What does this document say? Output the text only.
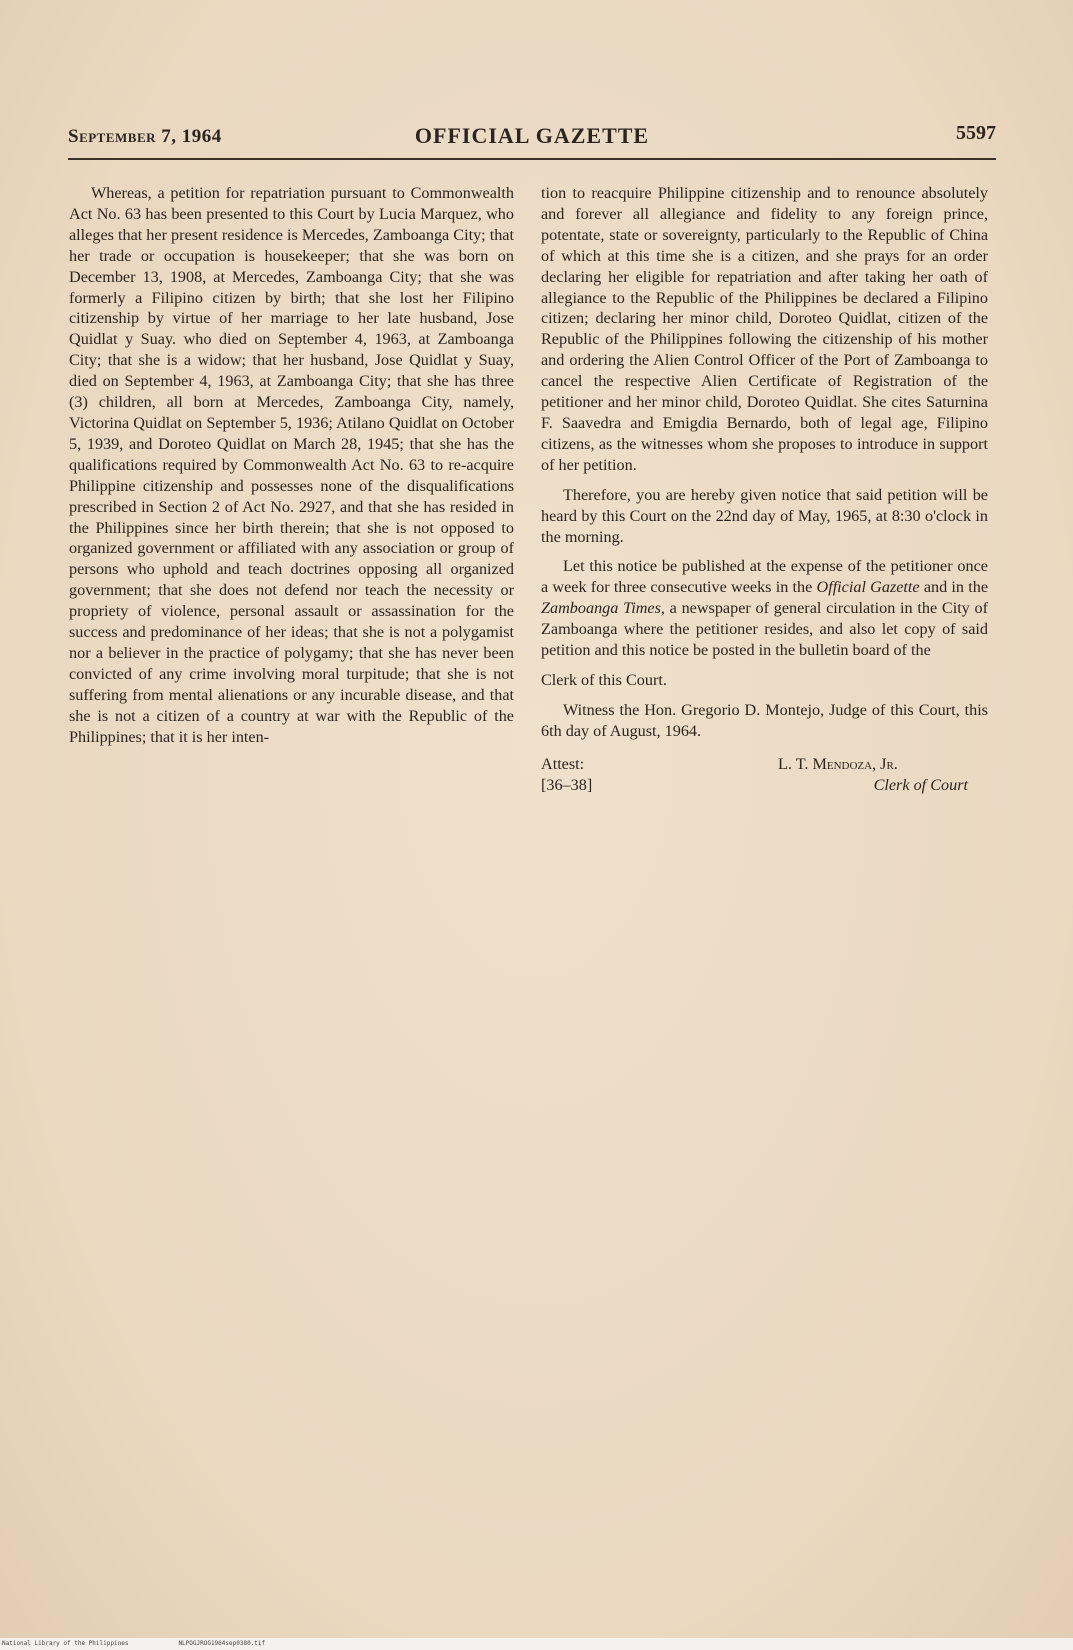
September 7, 1964	OFFICIAL GAZETTE	5597

Whereas, a petition for repatriation pursuant to Commonwealth Act No. 63 has been presented to this Court by Lucia Marquez, who alleges that her present residence is Mercedes, Zamboanga City; that her trade or occupation is housekeeper; that she was born on December 13, 1908, at Mercedes, Zamboanga City; that she was formerly a Filipino citizen by birth; that she lost her Filipino citizenship by virtue of her marriage to her late husband, Jose Quidlat y Suay. who died on September 4, 1963, at Zamboanga City; that she is a widow; that her husband, Jose Quidlat y Suay, died on September 4, 1963, at Zamboanga City; that she has three (3) children, all born at Mercedes, Zamboanga City, namely, Victorina Quidlat on September 5, 1936; Atilano Quidlat on October 5, 1939, and Doroteo Quidlat on March 28, 1945; that she has the qualifications required by Commonwealth Act No. 63 to re-acquire Philippine citizenship and possesses none of the disqualifications prescribed in Section 2 of Act No. 2927, and that she has resided in the Philippines since her birth therein; that she is not opposed to organized government or affiliated with any association or group of persons who uphold and teach doctrines opposing all organized government; that she does not defend nor teach the necessity or propriety of violence, personal assault or assassination for the success and predominance of her ideas; that she is not a polygamist nor a believer in the practice of polygamy; that she has never been convicted of any crime involving moral turpitude; that she is not suffering from mental alienations or any incurable disease, and that she is not a citizen of a country at war with the Republic of the Philippines; that it is her inten-

tion to reacquire Philippine citizenship and to renounce absolutely and forever all allegiance and fidelity to any foreign prince, potentate, state or sovereignty, particularly to the Republic of China of which at this time she is a citizen, and she prays for an order declaring her eligible for repatriation and after taking her oath of allegiance to the Republic of the Philippines be declared a Filipino citizen; declaring her minor child, Doroteo Quidlat, citizen of the Republic of the Philippines following the citizenship of his mother and ordering the Alien Control Officer of the Port of Zamboanga to cancel the respective Alien Certificate of Registration of the petitioner and her minor child, Doroteo Quidlat. She cites Saturnina F. Saavedra and Emigdia Bernardo, both of legal age, Filipino citizens, as the witnesses whom she proposes to introduce in support of her petition.

Therefore, you are hereby given notice that said petition will be heard by this Court on the 22nd day of May, 1965, at 8:30 o'clock in the morning.

Let this notice be published at the expense of the petitioner once a week for three consecutive weeks in the Official Gazette and in the Zamboanga Times, a newspaper of general circulation in the City of Zamboanga where the petitioner resides, and also let copy of said petition and this notice be posted in the bulletin board of the

Clerk of this Court.

Witness the Hon. Gregorio D. Montejo, Judge of this Court, this 6th day of August, 1964.

Attest:
[36–38]
L. T. Mendoza, Jr.
Clerk of Court
National Library of the Philippines	NLPOGJROG1964sep0380.tif
